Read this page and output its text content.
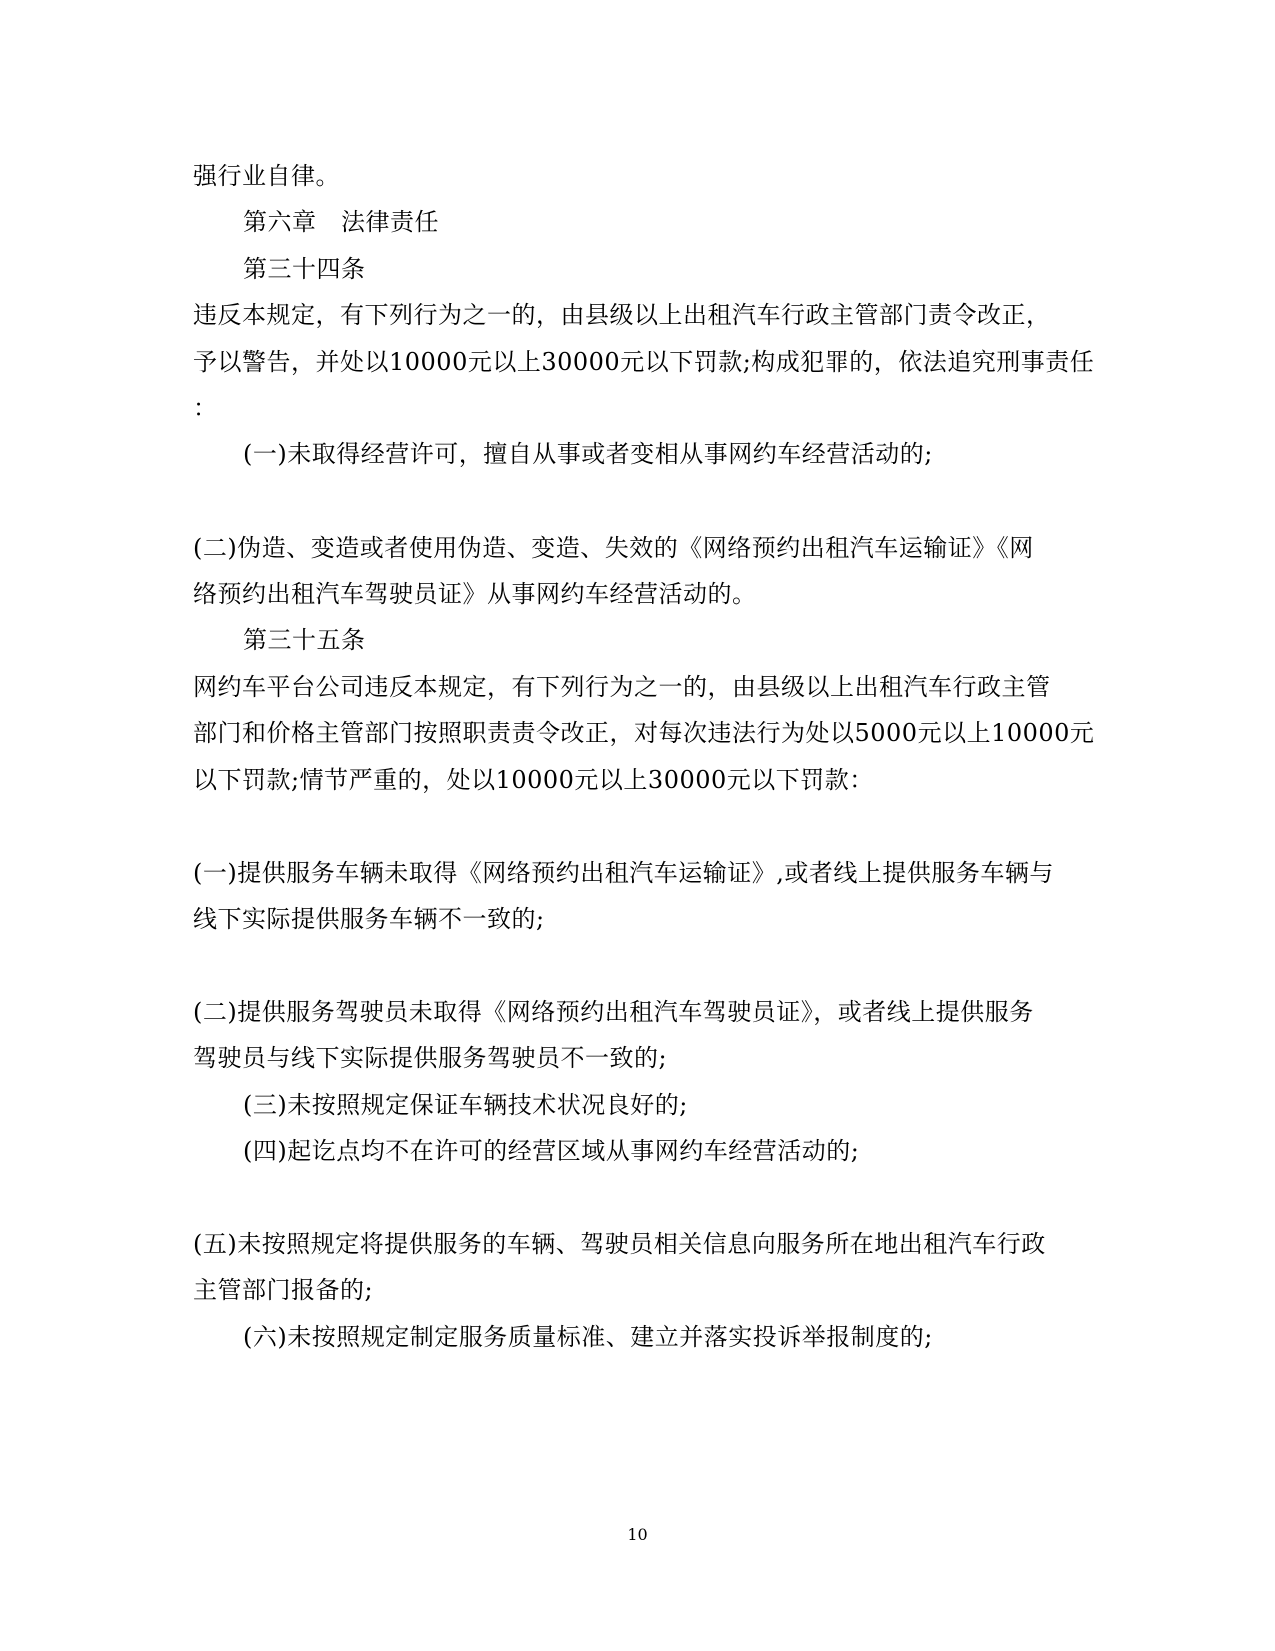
强行业自律。
第六章　法律责任
第三十四条
违反本规定，有下列行为之一的，由县级以上出租汽车行政主管部门责令改正，
予以警告，并处以10000元以上30000元以下罚款;构成犯罪的，依法追究刑事责任
：
(一)未取得经营许可，擅自从事或者变相从事网约车经营活动的;
(二)伪造、变造或者使用伪造、变造、失效的《网络预约出租汽车运输证》《网
络预约出租汽车驾驶员证》从事网约车经营活动的。
第三十五条
网约车平台公司违反本规定，有下列行为之一的，由县级以上出租汽车行政主管
部门和价格主管部门按照职责责令改正，对每次违法行为处以5000元以上10000元
以下罚款;情节严重的，处以10000元以上30000元以下罚款：
(一)提供服务车辆未取得《网络预约出租汽车运输证》,或者线上提供服务车辆与
线下实际提供服务车辆不一致的;
(二)提供服务驾驶员未取得《网络预约出租汽车驾驶员证》，或者线上提供服务
驾驶员与线下实际提供服务驾驶员不一致的;
(三)未按照规定保证车辆技术状况良好的;
(四)起讫点均不在许可的经营区域从事网约车经营活动的;
(五)未按照规定将提供服务的车辆、驾驶员相关信息向服务所在地出租汽车行政
主管部门报备的;
(六)未按照规定制定服务质量标准、建立并落实投诉举报制度的;
10
